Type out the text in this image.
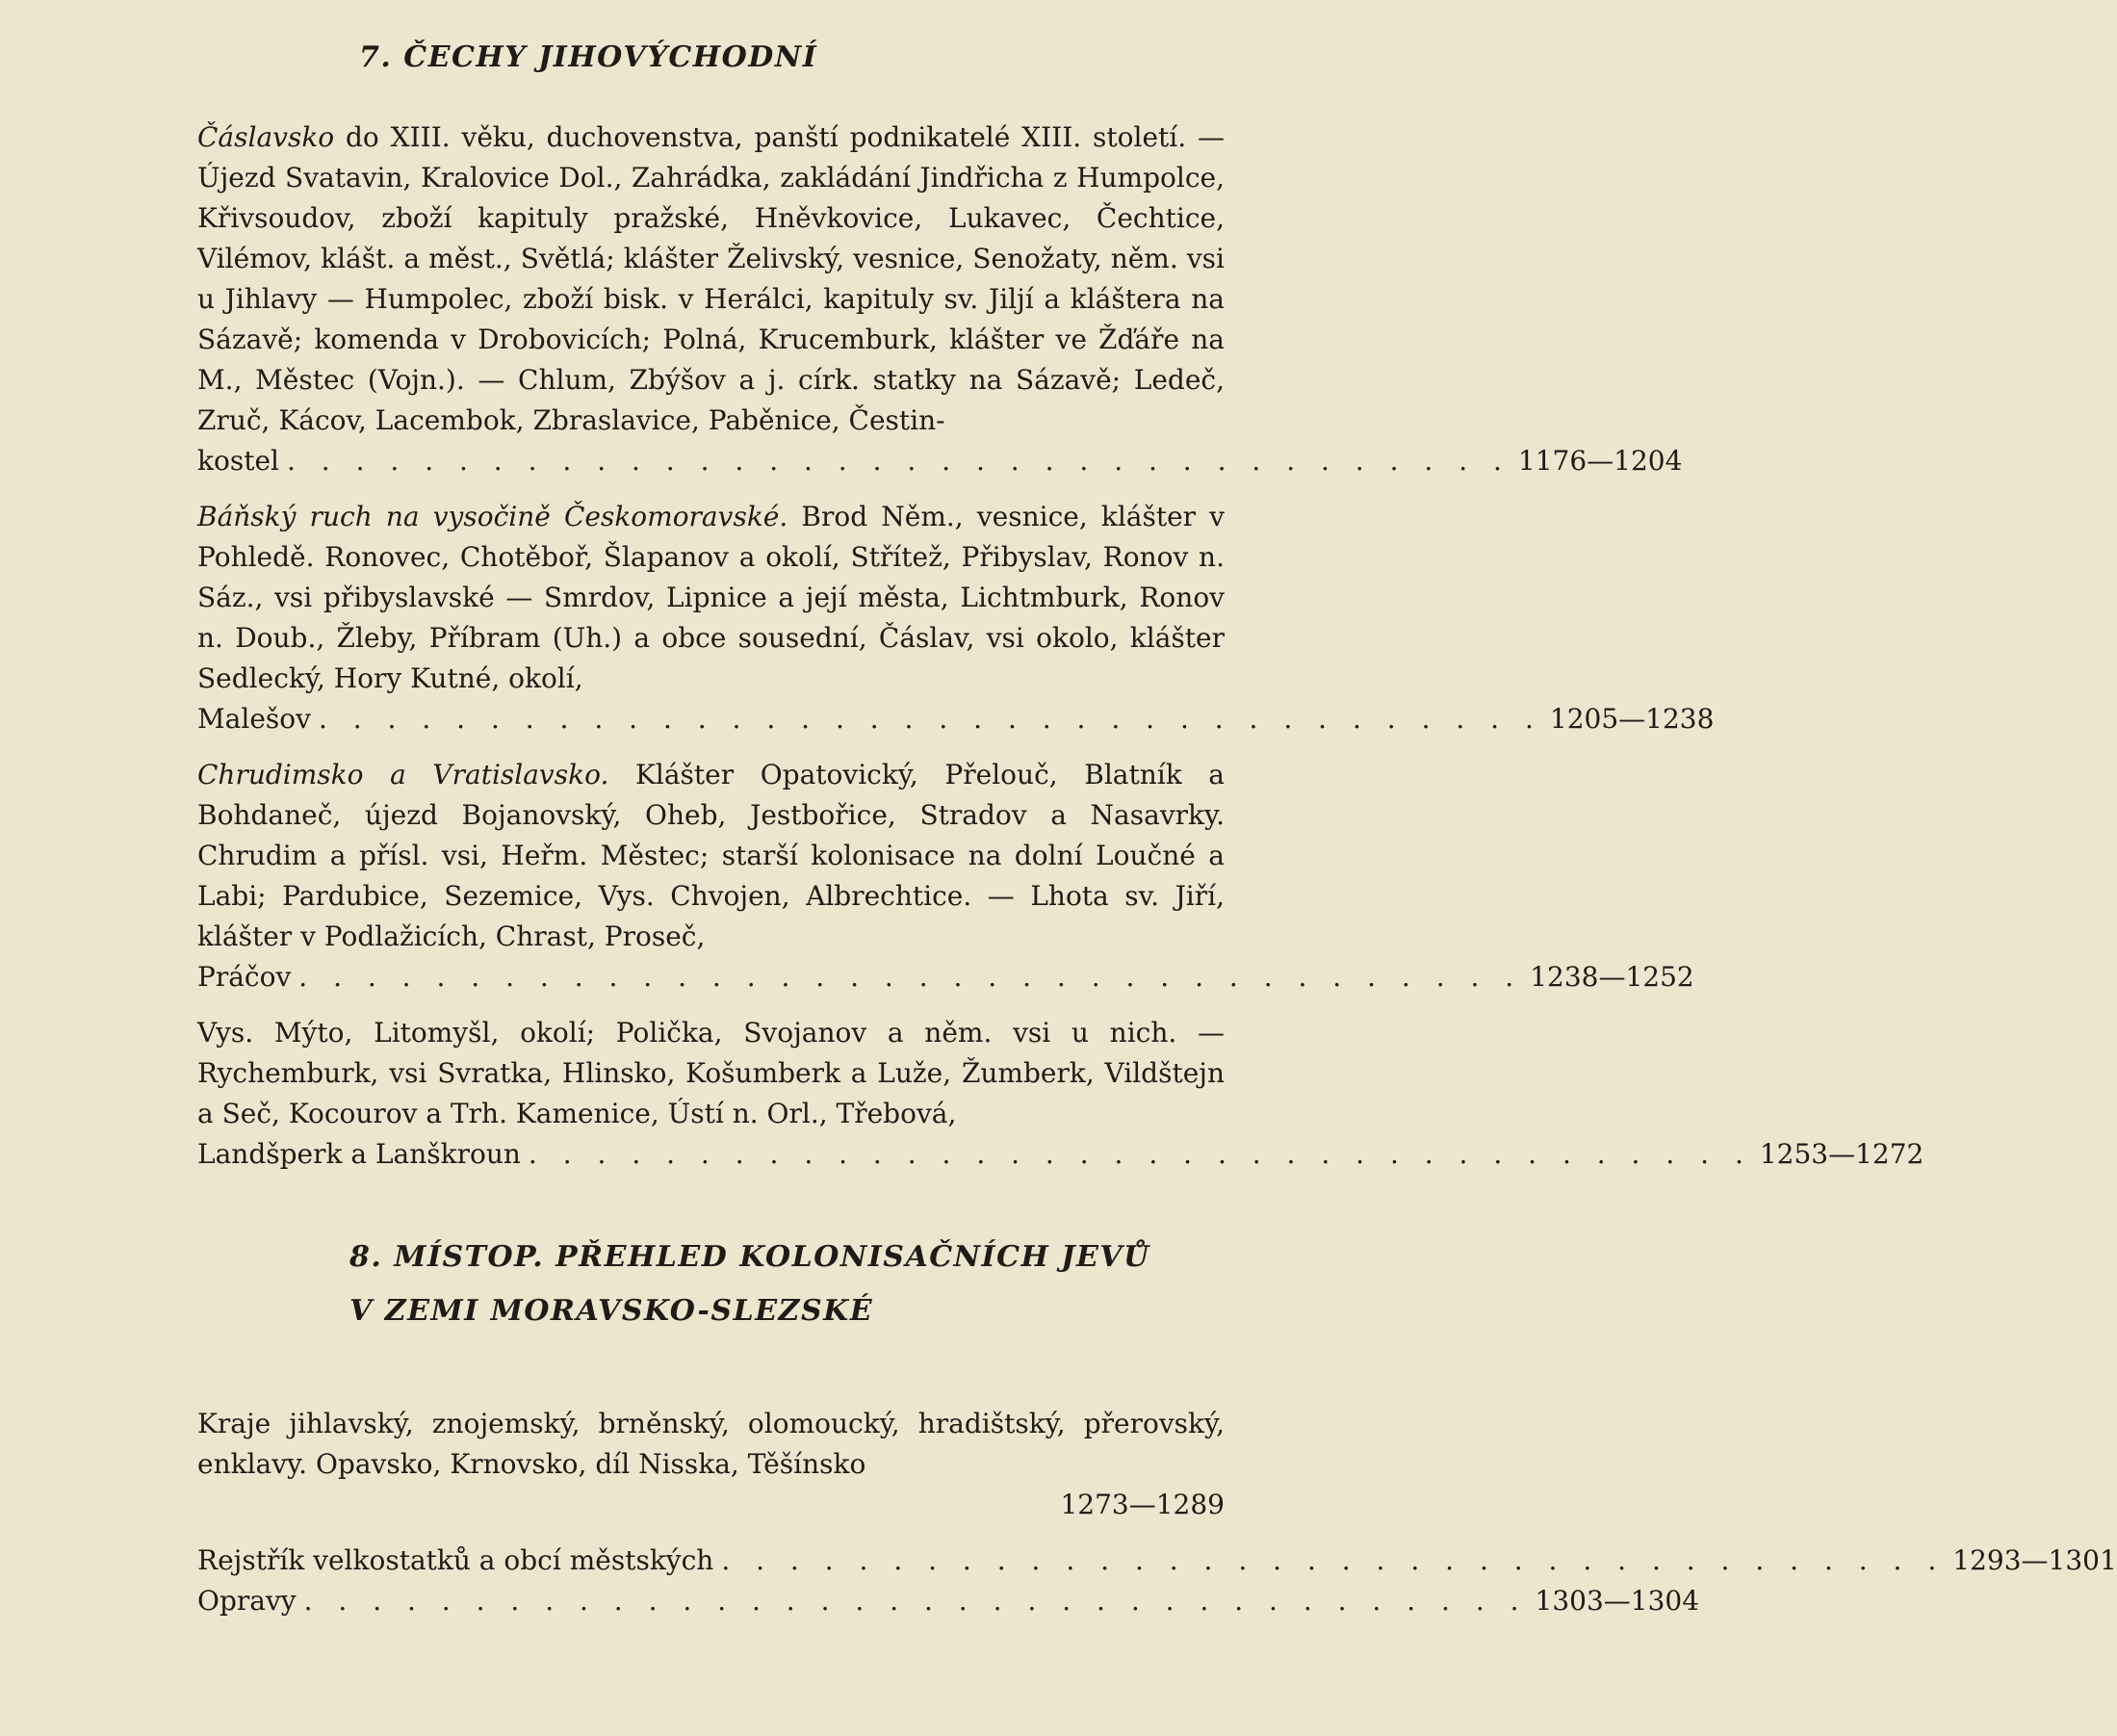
7. ČECHY JIHOVÝCHODNÍ
Čáslavsko do XIII. věku, duchovenstva, panští podnikatelé XIII. století. — Újezd Svatavin, Kralovice Dol., Zahrádka, zakládání Jindřicha z Humpolce, Křivsoudov, zboží kapituly pražské, Hněvkovice, Lukavec, Čechtice, Vilémov, klášt. a měst., Světlá; klášter Želivský, vesnice, Senožaty, něm. vsi u Jihlavy — Humpolec, zboží bisk. v Herálci, kapituly sv. Jiljí a kláštera na Sázavě; komenda v Drobovicích; Polná, Krucemburk, klášter ve Žďáře na M., Městec (Vojn.). — Chlum, Zbýšov a j. círk. statky na Sázavě; Ledeč, Zruč, Kácov, Lacembok, Zbraslavice, Paběnice, Čestin-
kostel . . . . . . . . . . . . . . . . . . . . . . . . . . . . . . . . . . . . 1176—1204
Báňský ruch na vysočině Českomoravské. Brod Něm., vesnice, klášter v Pohledě. Ronovec, Chotěboř, Šlapanov a okolí, Střítež, Přibyslav, Ronov n. Sáz., vsi přibyslavské — Smrdov, Lipnice a její města, Lichtmburk, Ronov n. Doub., Žleby, Příbram (Uh.) a obce sousední, Čáslav, vsi okolo, klášter Sedlecký, Hory Kutné, okolí,
Malešov . . . . . . . . . . . . . . . . . . . . . . . . . . . . . . . . . . . . 1205—1238
Chrudimsko a Vratislavsko. Klášter Opatovický, Přelouč, Blatník a Bohdaneč, újezd Bojanovský, Oheb, Jestbořice, Stradov a Nasavrky. Chrudim a přísl. vsi, Heřm. Městec; starší kolonisace na dolní Loučné a Labi; Pardubice, Sezemice, Vys. Chvojen, Albrechtice. — Lhota sv. Jiří, klášter v Podlažicích, Chrast, Proseč,
Práčov . . . . . . . . . . . . . . . . . . . . . . . . . . . . . . . . . . . . 1238—1252
Vys. Mýto, Litomyšl, okolí; Polička, Svojanov a něm. vsi u nich. — Rychemburk, vsi Svratka, Hlinsko, Košumberk a Luže, Žumberk, Vildštejn a Seč, Kocourov a Trh. Kamenice, Ústí n. Orl., Třebová,
Landšperk a Lanškroun . . . . . . . . . . . . . . . . . . . . . . . . . . . . . . . . . . . . 1253—1272
8. MÍSTOP. PŘEHLED KOLONISAČNÍCH JEVŮ
V ZEMI MORAVSKO-SLEZSKÉ
Kraje jihlavský, znojemský, brněnský, olomoucký, hradištský, přerovský, enklavy. Opavsko, Krnovsko, díl Nisska, Těšínsko
1273—1289
Rejstřík velkostatků a obcí městských . . . . . . . . . . . . . . . . . . . . . . . . . . . . . . . . . . . . 1293—1301
Opravy . . . . . . . . . . . . . . . . . . . . . . . . . . . . . . . . . . . . 1303—1304
